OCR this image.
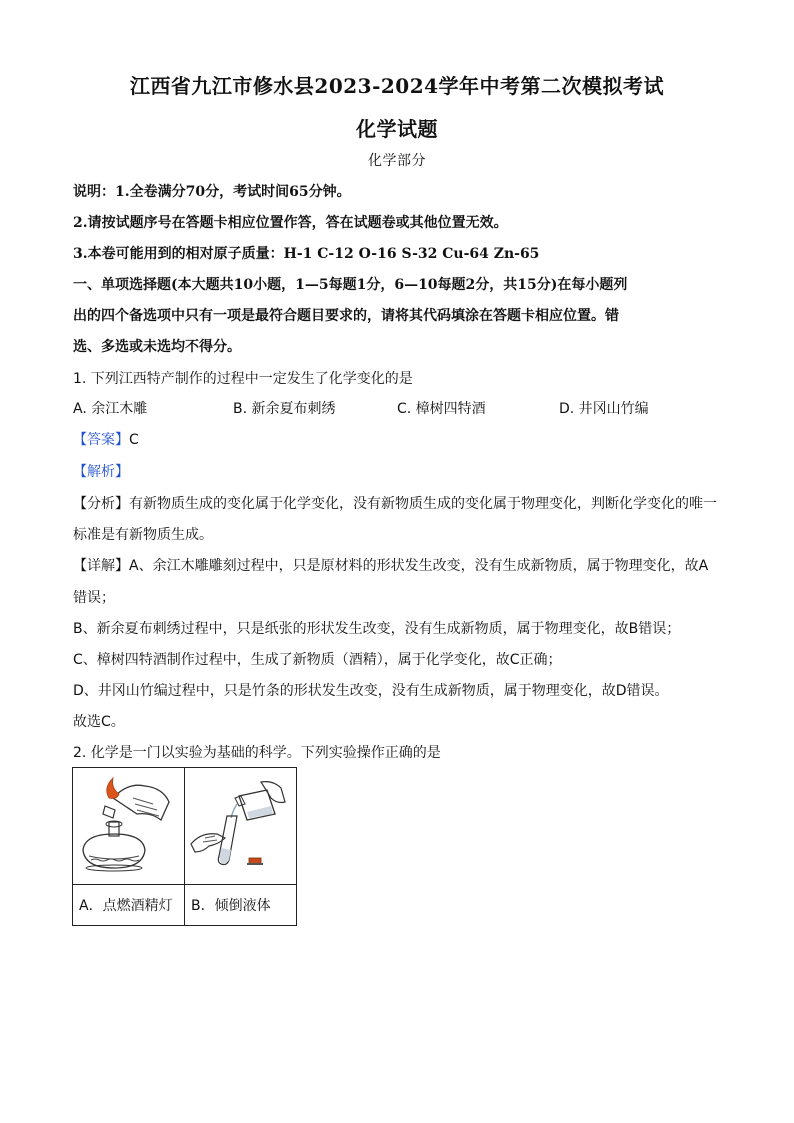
江西省九江市修水县2023-2024学年中考第二次模拟考试
化学试题
化学部分
说明：1.全卷满分70分，考试时间65分钟。
2.请按试题序号在答题卡相应位置作答，答在试题卷或其他位置无效。
3.本卷可能用到的相对原子质量：H-1 C-12 O-16 S-32 Cu-64 Zn-65
一、单项选择题(本大题共10小题，1—5每题1分，6—10每题2分，共15分)在每小题列
出的四个备选项中只有一项是最符合题目要求的，请将其代码填涂在答题卡相应位置。错
选、多选或未选均不得分。
1. 下列江西特产制作的过程中一定发生了化学变化的是
A. 余江木雕	B. 新余夏布刺绣	C. 樟树四特酒	D. 井冈山竹编
【答案】C
【解析】
【分析】有新物质生成的变化属于化学变化，没有新物质生成的变化属于物理变化，判断化学变化的唯一
标准是有新物质生成。
【详解】A、余江木雕雕刻过程中，只是原材料的形状发生改变，没有生成新物质，属于物理变化，故A
错误；
B、新余夏布刺绣过程中，只是纸张的形状发生改变，没有生成新物质，属于物理变化，故B错误；
C、樟树四特酒制作过程中，生成了新物质（酒精），属于化学变化，故C正确；
D、井冈山竹编过程中，只是竹条的形状发生改变，没有生成新物质，属于物理变化，故D错误。
故选C。
2. 化学是一门以实验为基础的科学。下列实验操作正确的是

A．点燃酒精灯	B．倾倒液体
